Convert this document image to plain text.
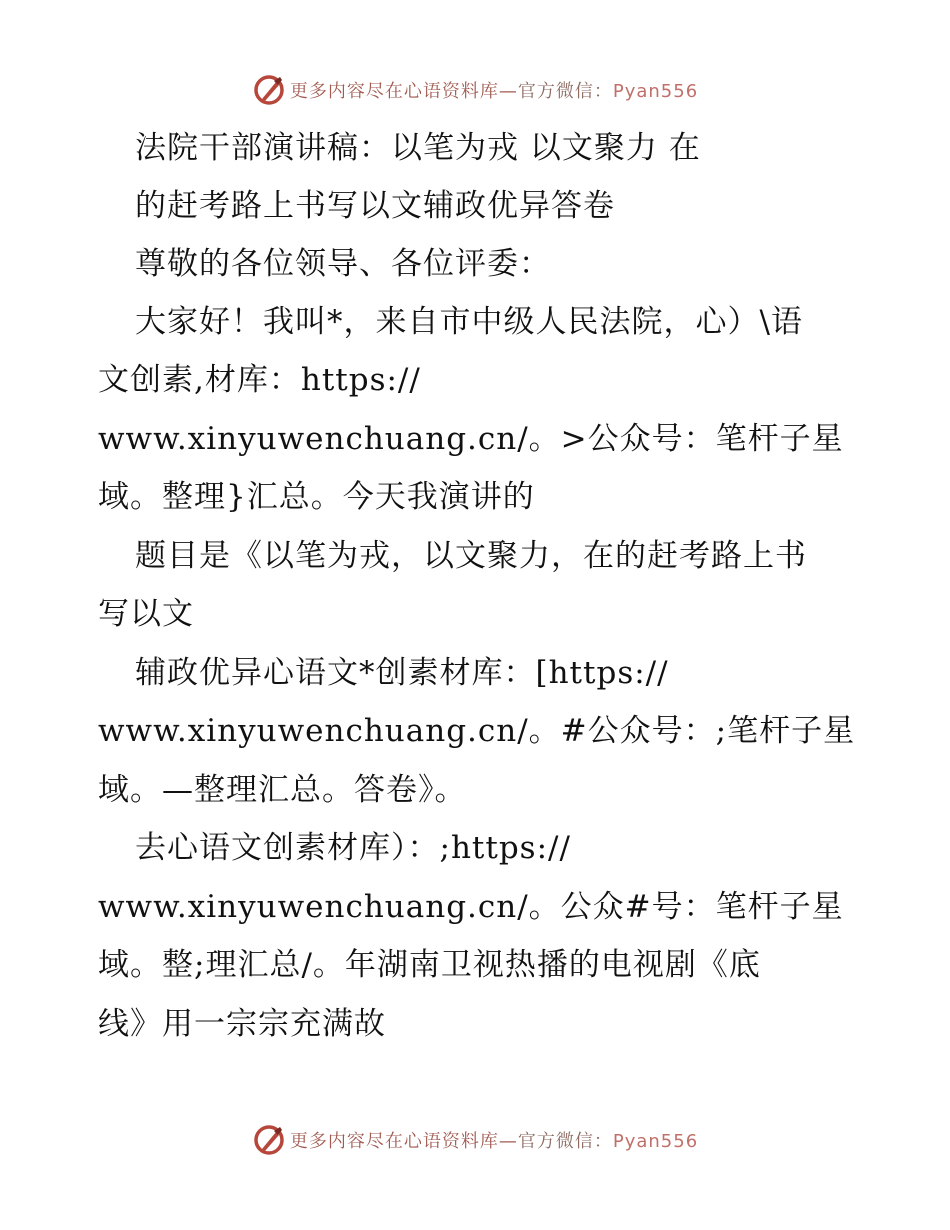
更多内容尽在心语资料库—官方微信：Pyan556
法院干部演讲稿：以笔为戎 以文聚力 在
的赶考路上书写以文辅政优异答卷
尊敬的各位领导、各位评委：
大家好！我叫*，来自市中级人民法院，心）\语
文创素,材库：https://
www.xinyuwenchuang.cn/。>公众号：笔杆子星
域。整理}汇总。今天我演讲的
题目是《以笔为戎，以文聚力，在的赶考路上书
写以文
辅政优异心语文*创素材库：[https://
www.xinyuwenchuang.cn/。#公众号：;笔杆子星
域。—整理汇总。答卷》。
去心语文创素材库）：;https://
www.xinyuwenchuang.cn/。公众#号：笔杆子星
域。整;理汇总/。年湖南卫视热播的电视剧《底
线》用一宗宗充满故
更多内容尽在心语资料库—官方微信：Pyan556
